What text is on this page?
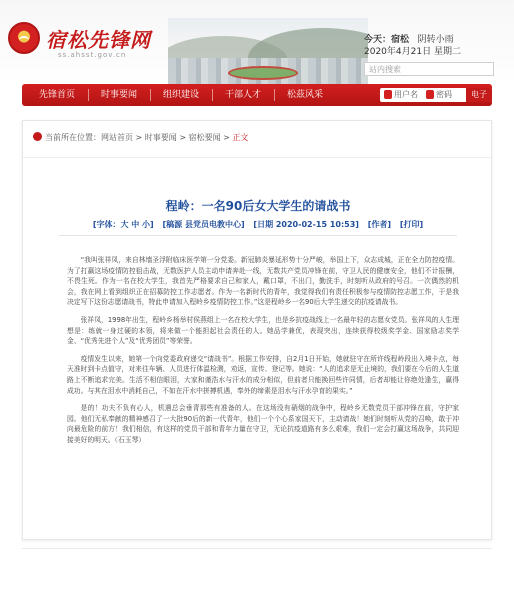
宿松先锋网
ss.ahsst.gov.cn
今天：宿松 阴转小雨
2020年4月21日 星期二
站内搜索
先锋首页	时事要闻	组织建设	干部人才	松茲风采	用户名 密码	电子
当前所在位置：网站首页 > 时事要闻 > 宿松要闻 > 正文
程岭：一名90后女大学生的请战书
[字体：大 中 小] [稿源 县党员电教中心] [日期 2020-02-15 10:53] [作者] [打印]

“我叫张祥凤，来自林墙圣浮附临床医学第一分党委。新冠肺炎暴延形势十分严峻，举国上下，众志成城，正在全力防控疫情。为了打赢这场疫情防控狙击战，无数医护人员主动申请奔赴一线，无数共产党员冲锋在前，守卫人民的健康安全，他们不计报酬，不畏生死。作为一名在校大学生，我首先严格要求自己和家人，戴口罩，不出门，勤洗手，时刻听从政府的号召。一次偶然的机会，我在网上看到组织正在招募防控工作志愿者。作为一名新时代的青年，我觉得我们有责任积极参与疫情防控志愿工作，于是我决定写下这份志愿请战书，特此申请加入程岭乡疫情防控工作。”这是程岭乡一名90后大学生递交的抗疫请战书。

张祥凤，1998年出生，程岭乡杨举村侯燕组上一名在校大学生，也是乡抗疫战线上一名最年轻的志愿女党员。张祥凤的人生理想是：练就一身过硬的本领，将来做一个能担起社会责任的人。她品学兼优，表现突出，连续获得校级奖学金、国家励志奖学金、“优秀先进个人”及“优秀团员”等荣誉。

疫情发生以来，她第一个向党委政府递交“请战书”。根据工作安排，自2月1日开始，她就驻守在所许线程岭段出入境卡点，每天准时到卡点值守，对来往车辆、人员进行体温检测，劝返，宣传、登记等。她说：“人的追求是无止境的，我们要在今后的人生道路上不断追求完美。生活不相信眼泪，大家和谨浩水与汗水的成分相似，但前者只能换回些许同情，后者却能让你绝处逢生，赢得成功。与其在泪水中消耗自己，不如在汗水中拼搏机遇，奉外的缔素是泪水与汗水孕育的果实。”

是的！功夫不负有心人，机遇总会垂青那些有准备的人。在这场没有硝烟的战争中，程岭乡无数党员干部冲锋在前，守护家园。他们无私奉献的精神感召了一大批90后的新一代青年，他们一个个心系家国天下，主动请战！她们时刻听从党的召唤，敢于冲向最危险的前方！我们相信，有这样的党员干部和青年力量在守卫，无论抗疫道路有多么艰难，我们一定会打赢这场战争，共同迎接美好的明天。（石玉琴）
